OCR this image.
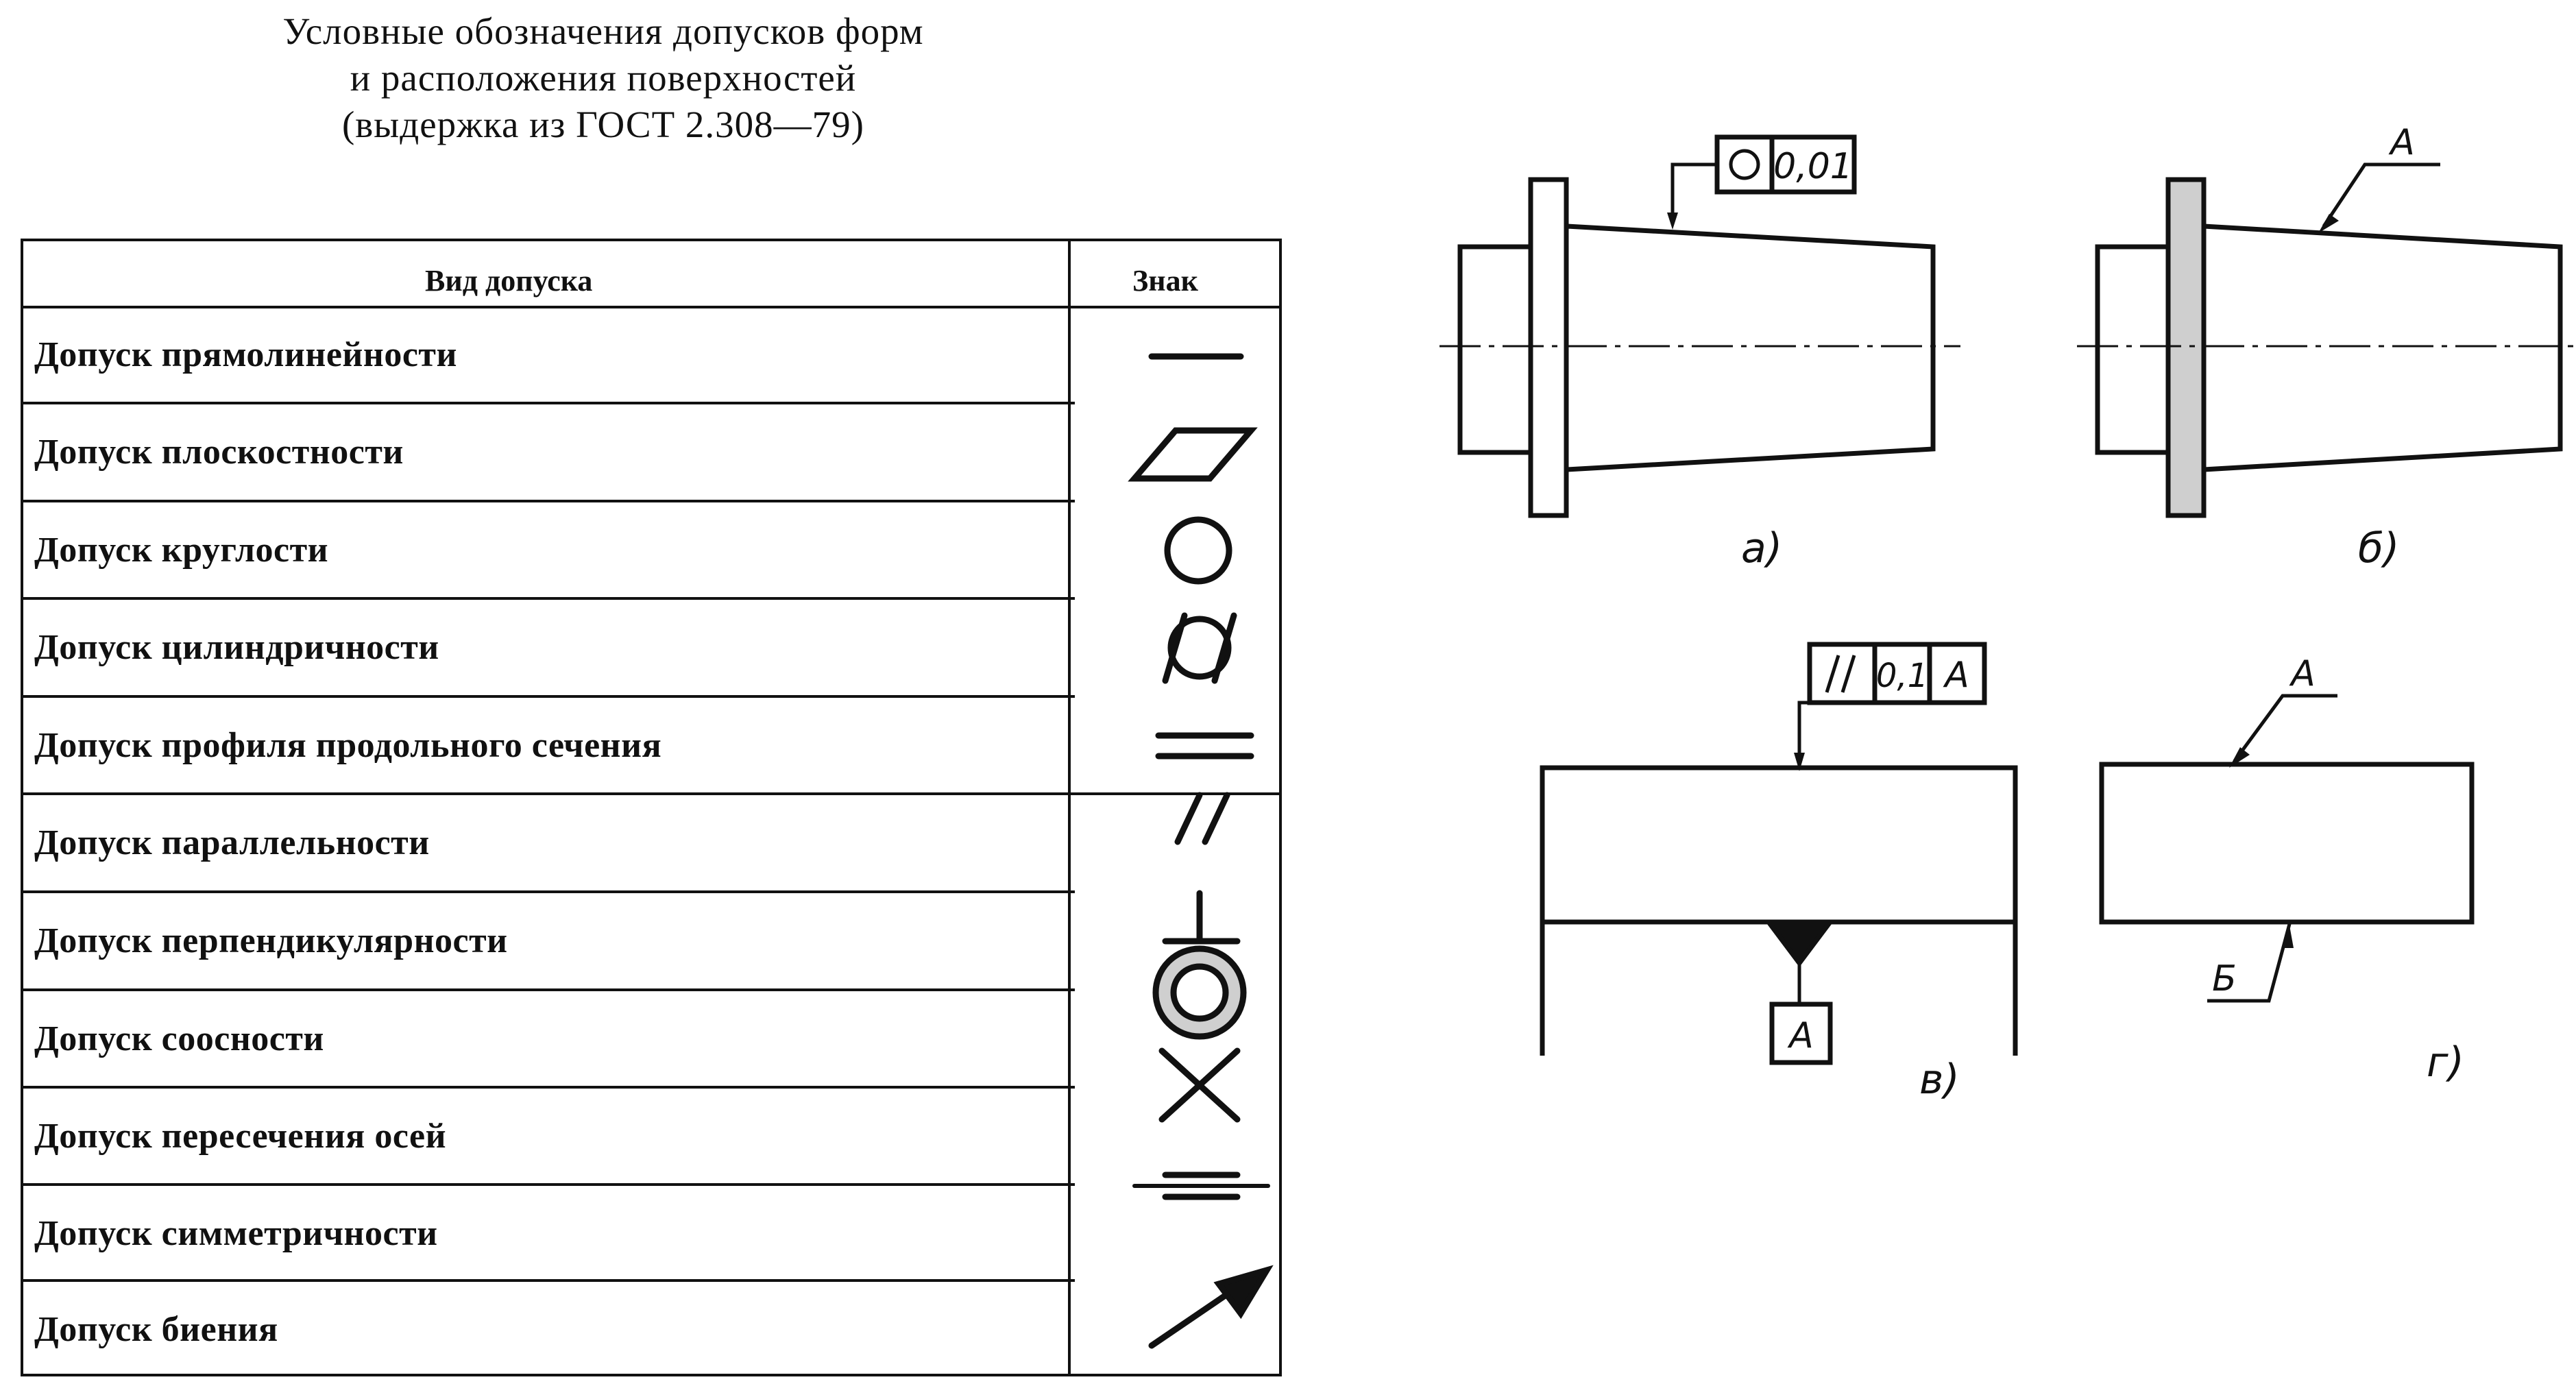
Условные обозначения допусков форм
и расположения поверхностей
(выдержка из ГОСТ 2.308—79)
Вид допуска	Знак
Допуск прямолинейности
Допуск плоскостности
Допуск круглости
Допуск цилиндричности
Допуск профиля продольного сечения
Допуск параллельности
Допуск перпендикулярности
Допуск соосности
Допуск пересечения осей
Допуск симметричности
Допуск биения
0,01
а)
А
б)
0,1 А
А
в)
А
Б
г)
